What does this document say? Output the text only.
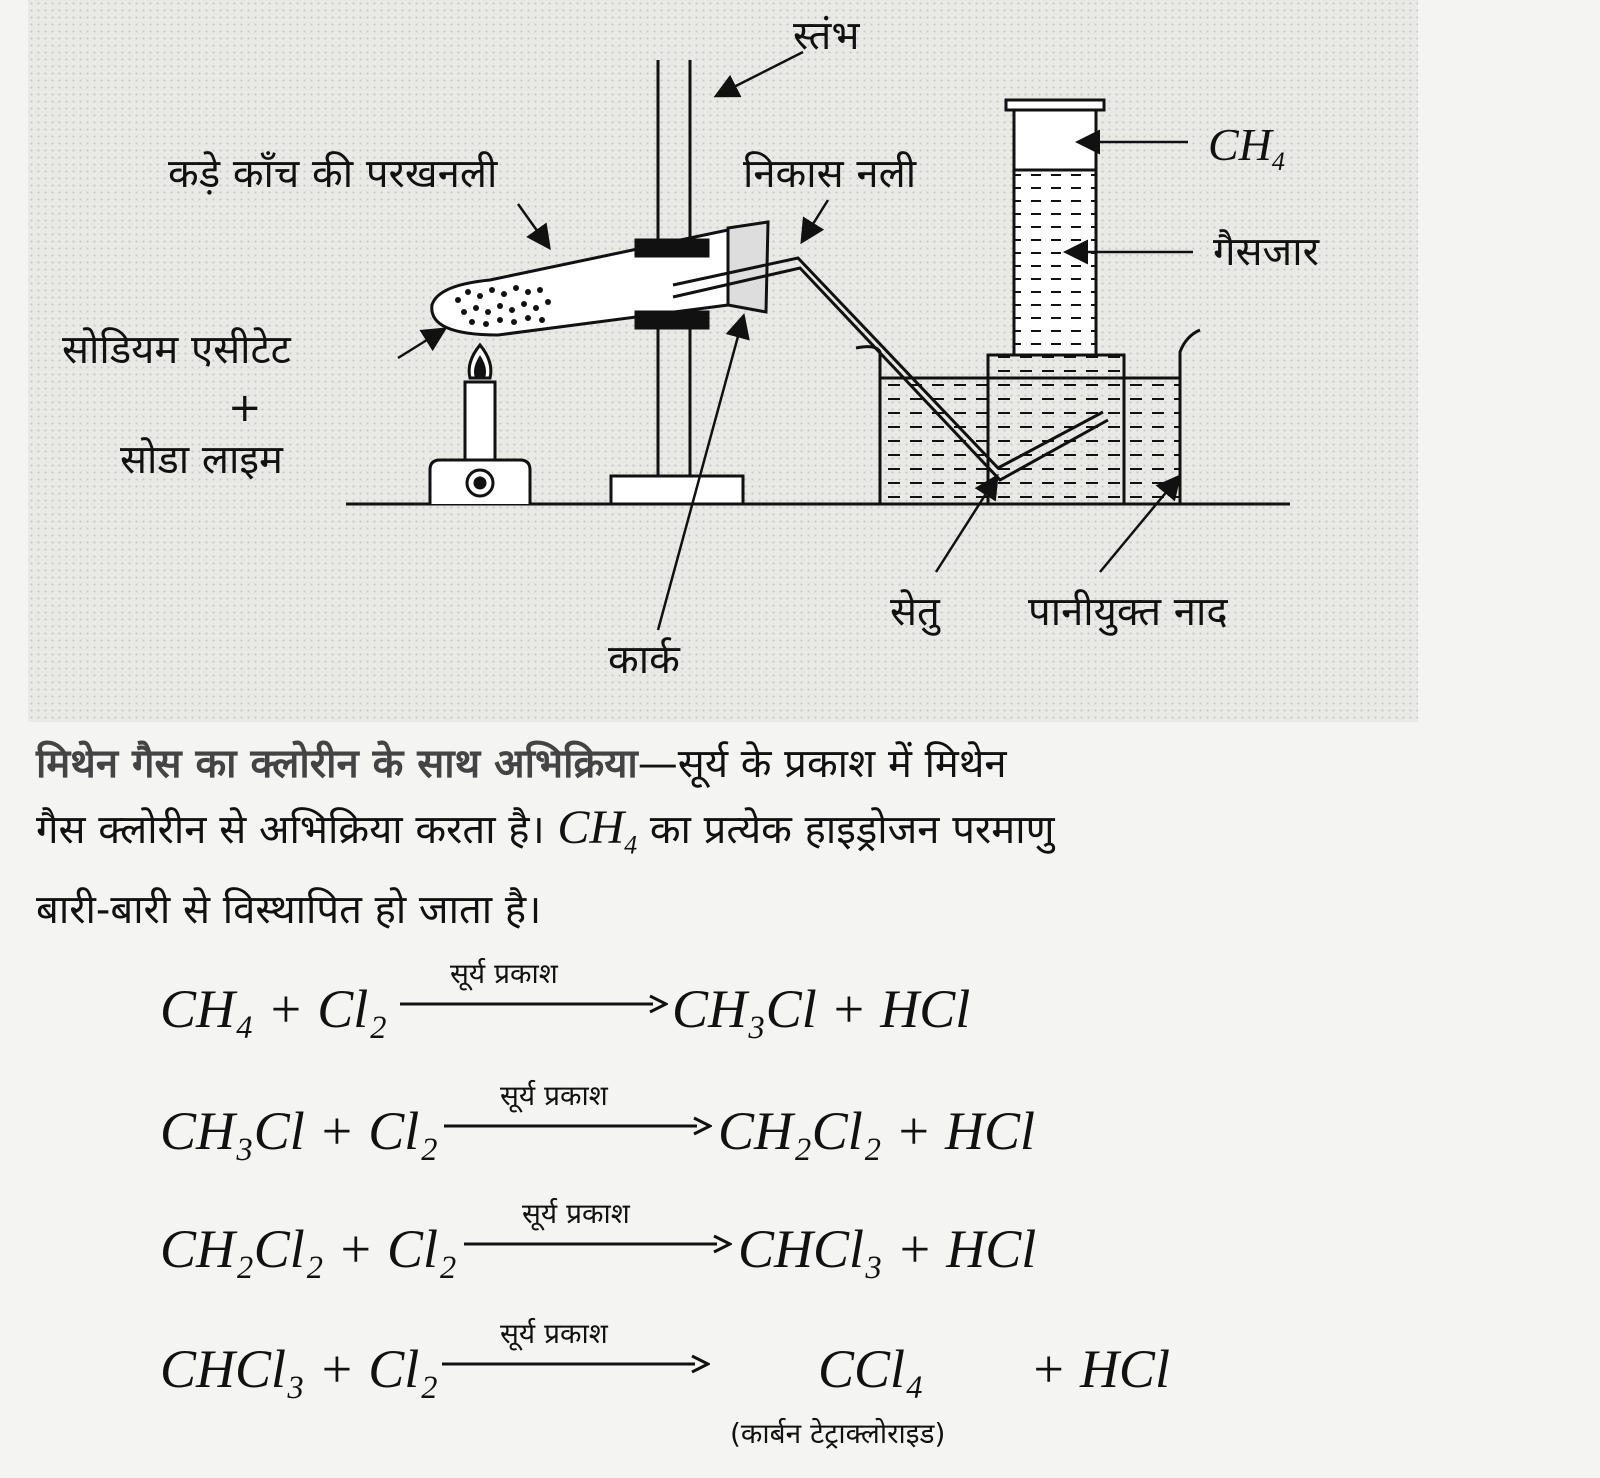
स्तंभ
कड़े काँच की परखनली	निकास नली
$CH_4$
गैसजार
सोडियम एसीटेट
+
सोडा लाइम
सेतु पानीयुक्त नाद
कार्क
मिथेन गैस का क्लोरीन के साथ अभिक्रिया—सूर्य के प्रकाश में मिथेन
गैस क्लोरीन से अभिक्रिया करता है। $CH_4$ का प्रत्येक हाइड्रोजन परमाणु
बारी-बारी से विस्थापित हो जाता है।
CH₄ + Cl₂
सूर्य प्रकाश
CH₃Cl + HCl
CH₃Cl + Cl₂
सूर्य प्रकाश
CH₂Cl₂ + HCl
CH₂Cl₂ + Cl₂
सूर्य प्रकाश
CHCl₃ + HCl
CHCl₃ + Cl₂
सूर्य प्रकाश
CCl₄ + HCl
(कार्बन टेट्राक्लोराइड)
